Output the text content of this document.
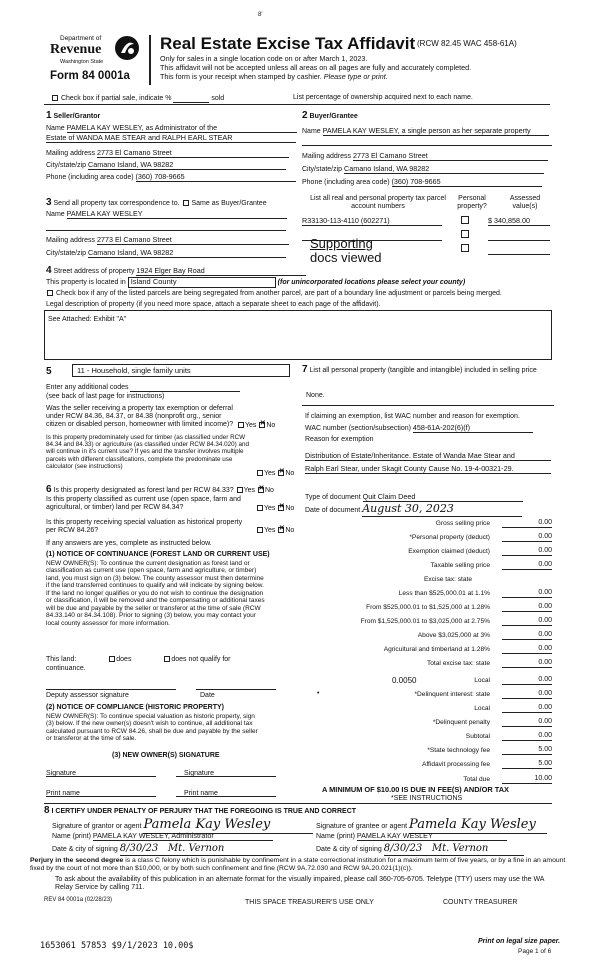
8'
Department of
Revenue
Washington State
Form 84 0001a
Real Estate Excise Tax Affidavit (RCW 82.45 WAC 458-61A)
Only for sales in a single location code on or after March 1, 2023.
This affidavit will not be accepted unless all areas on all pages are fully and accurately completed.
This form is your receipt when stamped by cashier. Please type or print.
Check box if partial sale, indicate %	sold	List percentage of ownership acquired next to each name.
1 Seller/Grantor
Name PAMELA KAY WESLEY, as Administrator of the
Estate of WANDA MAE STEAR and RALPH EARL STEAR
Mailing address 2773 El Camano Street
City/state/zip Camano Island, WA 98282
Phone (including area code) (360) 708-9665
2 Buyer/Grantee
Name PAMELA KAY WESLEY, a single person as her separate property
Mailing address 2773 El Camano Street
City/state/zip Camano Island, WA 98282
Phone (including area code) (360) 708-9665
3 Send all property tax correspondence to. Same as Buyer/Grantee
Name PAMELA KAY WESLEY
Mailing address 2773 El Camano Street
City/state/zip Camano Island, WA 98282
List all real and personal property tax parcel account numbers
Personal property?
Assessed value(s)
R33130-113-4110 (602271)	$ 340,858.00
Supporting
docs viewed
4 Street address of property 1924 Elger Bay Road
This property is located in Island County	(for unincorporated locations please select your county)
Check box if any of the listed parcels are being segregated from another parcel, are part of a boundary line adjustment or parcels being merged.
Legal description of property (if you need more space, attach a separate sheet to each page of the affidavit).
See Attached: Exhibit "A"
5	11 - Household, single family units
Enter any additional codes
(see back of last page for instructions)
Was the seller receiving a property tax exemption or deferral under RCW 84.36, 84.37, or 84.38 (nonprofit org., senior citizen or disabled person, homeowner with limited income)?	Yes ✕ No
Is this property predominately used for timber (as classified under RCW 84.34 and 84.33) or agriculture (as classified under RCW 84.34.020) and will continue in it's current use? If yes and the transfer involves multiple parcels with different classifications, complete the predominate use calculator (see instructions)
Yes ✕ No
6 Is this property designated as forest land per RCW 84.33? Yes ✕ No
Is this property classified as current use (open space, farm and agricultural, or timber) land per RCW 84.34?	Yes ✕ No
Is this property receiving special valuation as historical property per RCW 84.26?	Yes ✕ No
If any answers are yes, complete as instructed below.
(1) NOTICE OF CONTINUANCE (FOREST LAND OR CURRENT USE)
NEW OWNER(S): To continue the current designation as forest land or classification as current use (open space, farm and agriculture, or timber) land, you must sign on (3) below. The county assessor must then determine if the land transferred continues to qualify and will indicate by signing below. If the land no longer qualifies or you do not wish to continue the designation or classification, it will be removed and the compensating or additional taxes will be due and payable by the seller or transferor at the time of sale (RCW 84.33.140 or 84.34.108). Prior to signing (3) below, you may contact your local county assessor for more information.
This land:	does	does not qualify for
continuance.
Deputy assessor signature	Date
(2) NOTICE OF COMPLIANCE (HISTORIC PROPERTY)
NEW OWNER(S): To continue special valuation as historic property, sign (3) below. If the new owner(s) doesn't wish to continue, all additional tax calculated pursuant to RCW 84.26, shall be due and payable by the seller or transferor at the time of sale.
(3) NEW OWNER(S) SIGNATURE
Signature	Signature
Print name	Print name
7 List all personal property (tangible and intangible) included in selling price
None.
If claiming an exemption, list WAC number and reason for exemption.
WAC number (section/subsection) 458-61A-202(6)(f)
Reason for exemption
Distribution of Estate/Inheritance. Estate of Wanda Mae Stear and
Ralph Earl Stear, under Skagit County Cause No. 19-4-00321-29.
Type of document Quit Claim Deed
Date of document August 30, 2023
Gross selling price	0.00
*Personal property (deduct)	0.00
Exemption claimed (deduct)	0.00
Taxable selling price	0.00
Excise tax: state
Less than $525,000.01 at 1.1%	0.00
From $525,000.01 to $1,525,000 at 1.28%	0.00
From $1,525,000.01 to $3,025,000 at 2.75%	0.00
Above $3,025,000 at 3%	0.00
Agricultural and timberland at 1.28%	0.00
Total excise tax: state	0.00
0.0050	Local	0.00
•	*Delinquent interest: state	0.00
Local	0.00
*Delinquent penalty	0.00
Subtotal	0.00
*State technology fee	5.00
Affidavit processing fee	5.00
Total due	10.00
A MINIMUM OF $10.00 IS DUE IN FEE(S) AND/OR TAX
*SEE INSTRUCTIONS
8 I CERTIFY UNDER PENALTY OF PERJURY THAT THE FOREGOING IS TRUE AND CORRECT
Signature of grantor or agent Pamela Kay Wesley
Name (print) PAMELA KAY WESLEY, Administrator
Date & city of signing 8/30/23 Mt. Vernon
Signature of grantee or agent Pamela Kay Wesley
Name (print) PAMELA KAY WESLEY
Date & city of signing 8/30/23 Mt. Vernon
Perjury in the second degree is a class C felony which is punishable by confinement in a state correctional institution for a maximum term of five years, or by a fine in an amount fixed by the court of not more than $10,000, or by both such confinement and fine (RCW 9A.72.030 and RCW 9A.20.021(1)(c)).
To ask about the availability of this publication in an alternate format for the visually impaired, please call 360-705-6705. Teletype (TTY) users may use the WA Relay Service by calling 711.
REV 84 0001a (02/28/23)	THIS SPACE TREASURER'S USE ONLY	COUNTY TREASURER
1653061 57853 $9/1/2023 10.00$	Print on legal size paper.
Page 1 of 6
